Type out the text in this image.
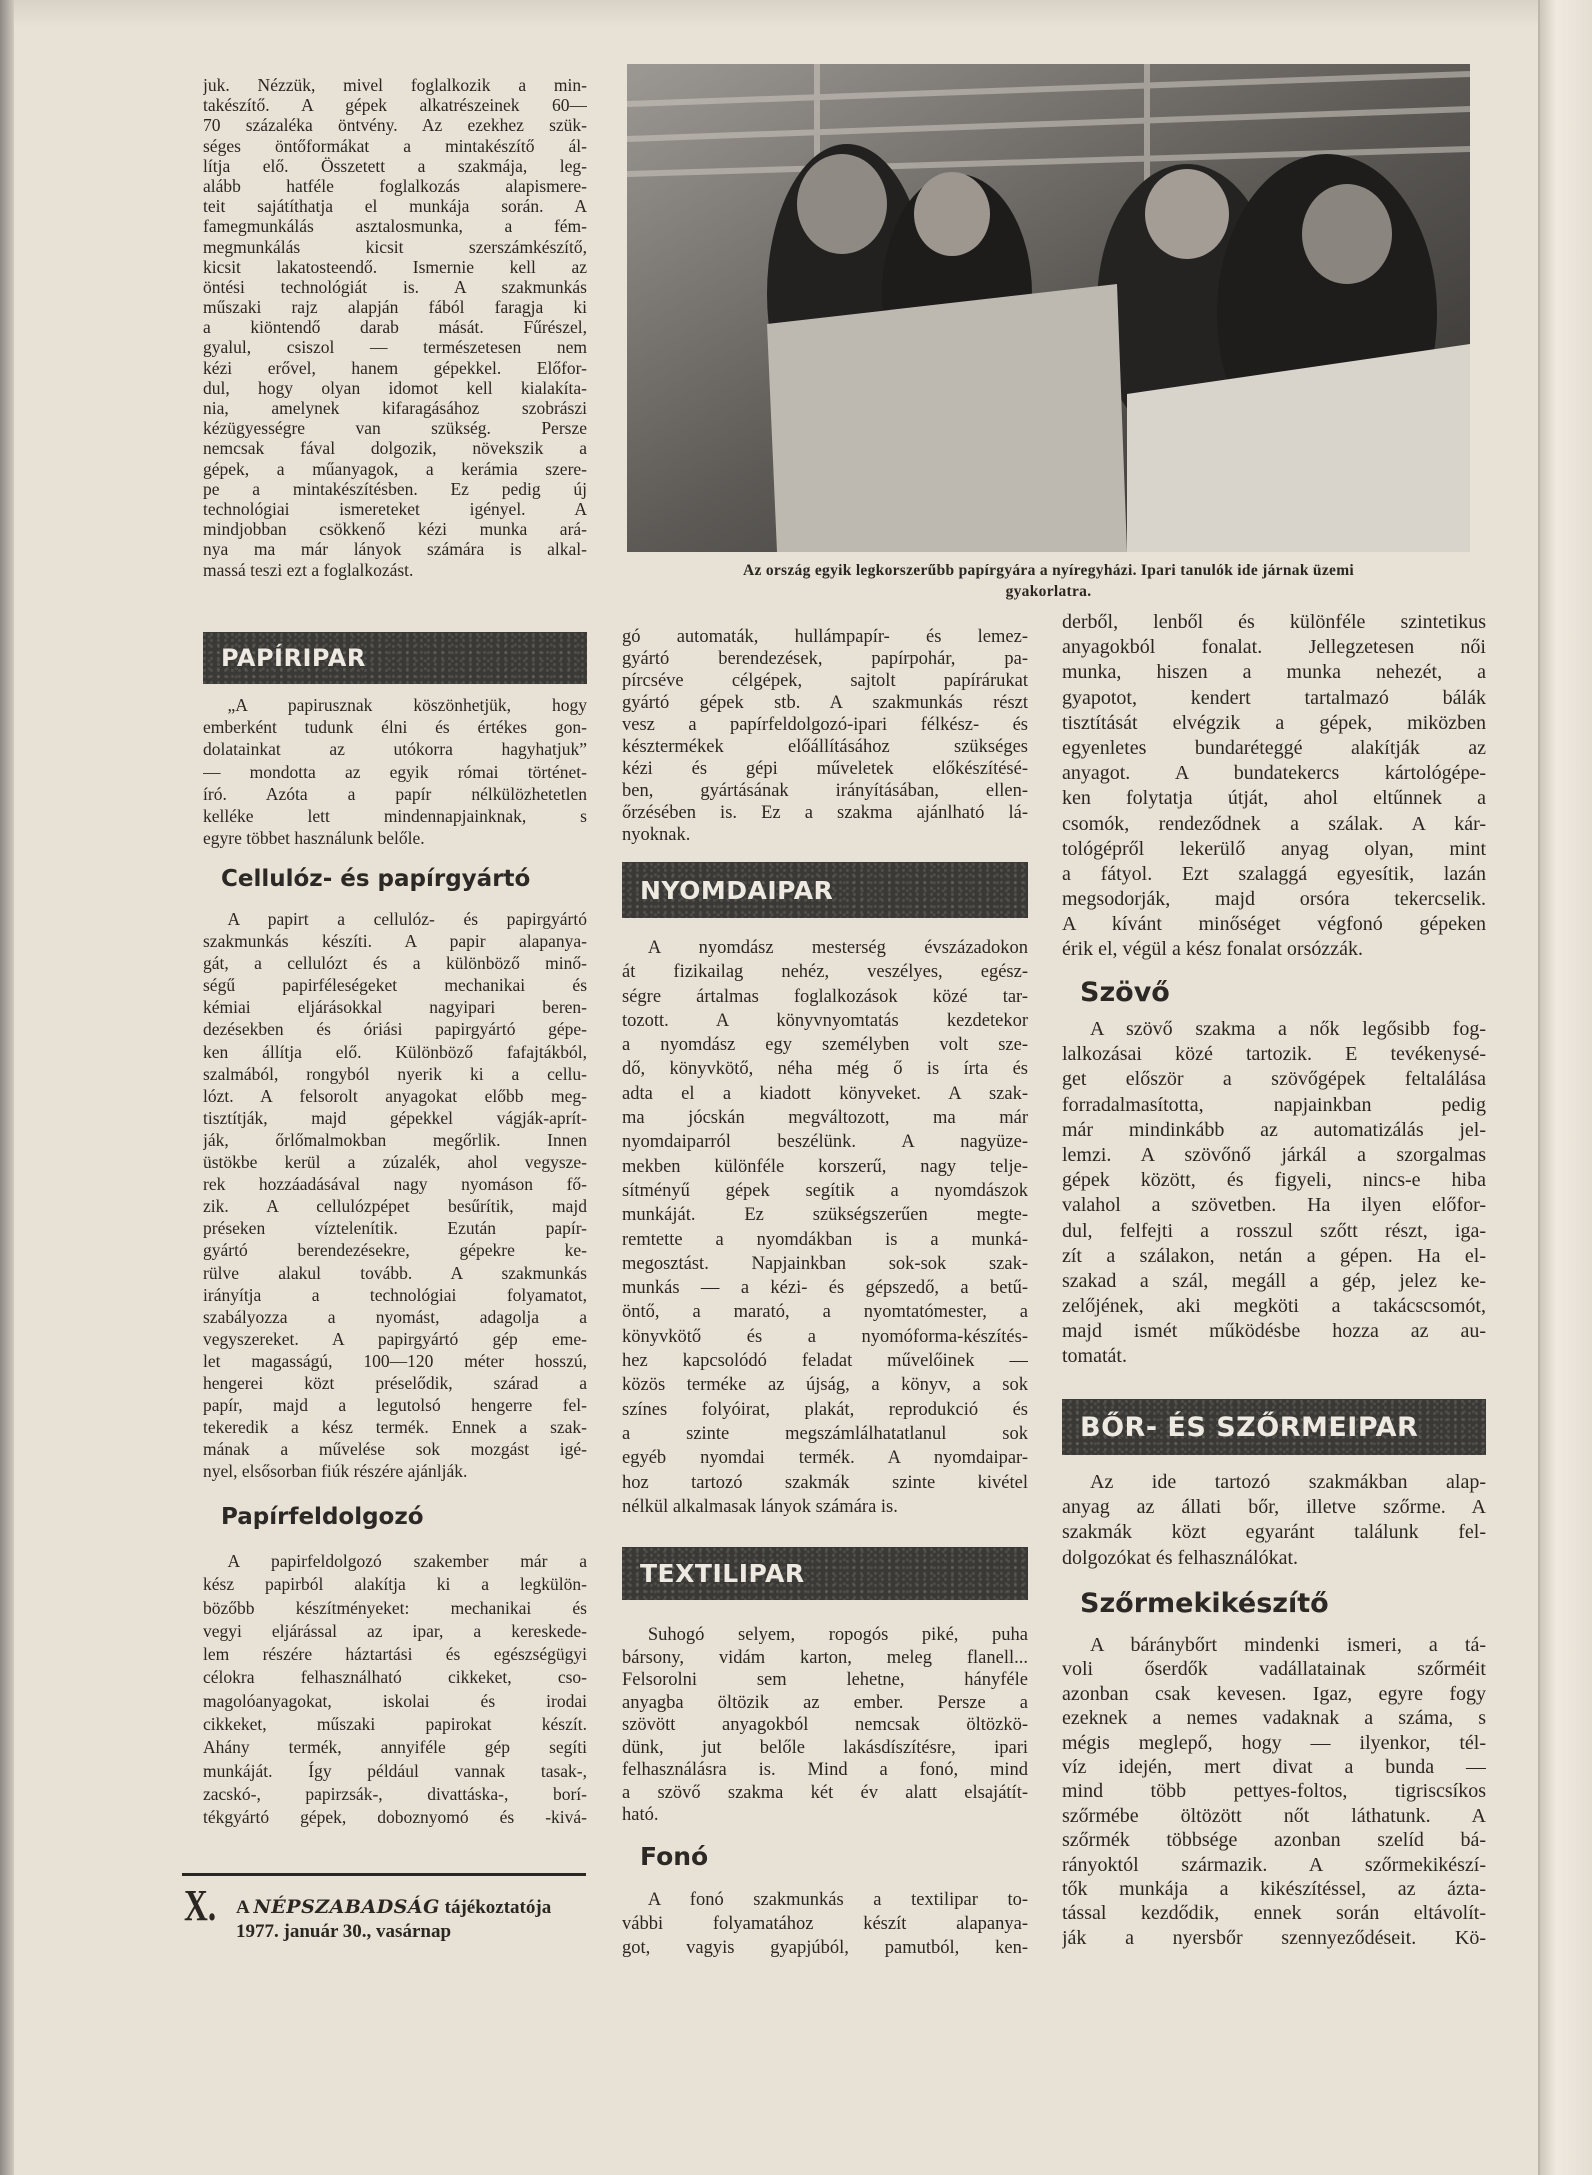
Az ország egyik legkorszerűbb papírgyára a nyíregyházi. Ipari tanulók ide járnak üzemi
gyakorlatra.
juk. Nézzük, mivel foglalkozik a min-
takészítő. A gépek alkatrészeinek 60—
70 százaléka öntvény. Az ezekhez szük-
séges öntőformákat a mintakészítő ál-
lítja elő. Összetett a szakmája, leg-
alább hatféle foglalkozás alapismere-
teit sajátíthatja el munkája során. A
famegmunkálás asztalosmunka, a fém-
megmunkálás kicsit szerszámkészítő,
kicsit lakatosteendő. Ismernie kell az
öntési technológiát is. A szakmunkás
műszaki rajz alapján fából faragja ki
a kiöntendő darab mását. Fűrészel,
gyalul, csiszol — természetesen nem
kézi erővel, hanem gépekkel. Előfor-
dul, hogy olyan idomot kell kialakíta-
nia, amelynek kifaragásához szobrászi
kézügyességre van szükség. Persze
nemcsak fával dolgozik, növekszik a
gépek, a műanyagok, a kerámia szere-
pe a mintakészítésben. Ez pedig új
technológiai ismereteket igényel. A
mindjobban csökkenő kézi munka ará-
nya ma már lányok számára is alkal-
massá teszi ezt a foglalkozást.
PAPÍRIPAR
„A papirusznak köszönhetjük, hogy
emberként tudunk élni és értékes gon-
dolatainkat az utókorra hagyhatjuk”
— mondotta az egyik római történet-
író. Azóta a papír nélkülözhetetlen
kelléke lett mindennapjainknak, s
egyre többet használunk belőle.
Cellulóz- és papírgyártó
A papirt a cellulóz- és papirgyártó
szakmunkás készíti. A papir alapanya-
gát, a cellulózt és a különböző minő-
ségű papirféleségeket mechanikai és
kémiai eljárásokkal nagyipari beren-
dezésekben és óriási papirgyártó gépe-
ken állítja elő. Különböző fafajtákból,
szalmából, rongyból nyerik ki a cellu-
lózt. A felsorolt anyagokat előbb meg-
tisztítják, majd gépekkel vágják-aprít-
ják, őrlőmalmokban megőrlik. Innen
üstökbe kerül a zúzalék, ahol vegysze-
rek hozzáadásával nagy nyomáson fő-
zik. A cellulózpépet besűrítik, majd
préseken víztelenítik. Ezután papír-
gyártó berendezésekre, gépekre ke-
rülve alakul tovább. A szakmunkás
irányítja a technológiai folyamatot,
szabályozza a nyomást, adagolja a
vegyszereket. A papirgyártó gép eme-
let magasságú, 100—120 méter hosszú,
hengerei közt préselődik, szárad a
papír, majd a legutolsó hengerre fel-
tekeredik a kész termék. Ennek a szak-
mának a művelése sok mozgást igé-
nyel, elsősorban fiúk részére ajánlják.
Papírfeldolgozó
A papirfeldolgozó szakember már a
kész papirból alakítja ki a legkülön-
bözőbb készítményeket: mechanikai és
vegyi eljárással az ipar, a kereskede-
lem részére háztartási és egészségügyi
célokra felhasználható cikkeket, cso-
magolóanyagokat, iskolai és irodai
cikkeket, műszaki papirokat készít.
Ahány termék, annyiféle gép segíti
munkáját. Így például vannak tasak-,
zacskó-, papirzsák-, divattáska-, borí-
tékgyártó gépek, doboznyomó és -kivá-
gó automaták, hullámpapír- és lemez-
gyártó berendezések, papírpohár, pa-
pírcséve célgépek, sajtolt papírárukat
gyártó gépek stb. A szakmunkás részt
vesz a papírfeldolgozó-ipari félkész- és
késztermékek előállításához szükséges
kézi és gépi műveletek előkészítésé-
ben, gyártásának irányításában, ellen-
őrzésében is. Ez a szakma ajánlható lá-
nyoknak.
NYOMDAIPAR
A nyomdász mesterség évszázadokon
át fizikailag nehéz, veszélyes, egész-
ségre ártalmas foglalkozások közé tar-
tozott. A könyvnyomtatás kezdetekor
a nyomdász egy személyben volt sze-
dő, könyvkötő, néha még ő is írta és
adta el a kiadott könyveket. A szak-
ma jócskán megváltozott, ma már
nyomdaiparról beszélünk. A nagyüze-
mekben különféle korszerű, nagy telje-
sítményű gépek segítik a nyomdászok
munkáját. Ez szükségszerűen megte-
remtette a nyomdákban is a munká-
megosztást. Napjainkban sok-sok szak-
munkás — a kézi- és gépszedő, a betű-
öntő, a marató, a nyomtatómester, a
könyvkötő és a nyomóforma-készítés-
hez kapcsolódó feladat művelőinek —
közös terméke az újság, a könyv, a sok
színes folyóirat, plakát, reprodukció és
a szinte megszámlálhatatlanul sok
egyéb nyomdai termék. A nyomdaipar-
hoz tartozó szakmák szinte kivétel
nélkül alkalmasak lányok számára is.
TEXTILIPAR
Suhogó selyem, ropogós piké, puha
bársony, vidám karton, meleg flanell...
Felsorolni sem lehetne, hányféle
anyagba öltözik az ember. Persze a
szövött anyagokból nemcsak öltözkö-
dünk, jut belőle lakásdíszítésre, ipari
felhasználásra is. Mind a fonó, mind
a szövő szakma két év alatt elsajátít-
ható.
Fonó
A fonó szakmunkás a textilipar to-
vábbi folyamatához készít alapanya-
got, vagyis gyapjúból, pamutból, ken-
derből, lenből és különféle szintetikus
anyagokból fonalat. Jellegzetesen női
munka, hiszen a munka nehezét, a
gyapotot, kendert tartalmazó bálák
tisztítását elvégzik a gépek, miközben
egyenletes bundaréteggé alakítják az
anyagot. A bundatekercs kártológépe-
ken folytatja útját, ahol eltűnnek a
csomók, rendeződnek a szálak. A kár-
tológépről lekerülő anyag olyan, mint
a fátyol. Ezt szalaggá egyesítik, lazán
megsodorják, majd orsóra tekercselik.
A kívánt minőséget végfonó gépeken
érik el, végül a kész fonalat orsózzák.
Szövő
A szövő szakma a nők legősibb fog-
lalkozásai közé tartozik. E tevékenysé-
get először a szövőgépek feltalálása
forradalmasította, napjainkban pedig
már mindinkább az automatizálás jel-
lemzi. A szövőnő járkál a szorgalmas
gépek között, és figyeli, nincs-e hiba
valahol a szövetben. Ha ilyen előfor-
dul, felfejti a rosszul szőtt részt, iga-
zít a szálakon, netán a gépen. Ha el-
szakad a szál, megáll a gép, jelez ke-
zelőjének, aki megköti a takácscsomót,
majd ismét működésbe hozza az au-
tomatát.
BŐR- ÉS SZŐRMEIPAR
Az ide tartozó szakmákban alap-
anyag az állati bőr, illetve szőrme. A
szakmák közt egyaránt találunk fel-
dolgozókat és felhasználókat.
Szőrmekikészítő
A báránybőrt mindenki ismeri, a tá-
voli őserdők vadállatainak szőrméit
azonban csak kevesen. Igaz, egyre fogy
ezeknek a nemes vadaknak a száma, s
mégis meglepő, hogy — ilyenkor, tél-
víz idején, mert divat a bunda —
mind több pettyes-foltos, tigriscsíkos
szőrmébe öltözött nőt láthatunk. A
szőrmék többsége azonban szelíd bá-
rányoktól származik. A szőrmekikészí-
tők munkája a kikészítéssel, az ázta-
tással kezdődik, ennek során eltávolít-
ják a nyersbőr szennyeződéseit. Kö-
X. A NÉPSZABADSÁG tájékoztatója
1977. január 30., vasárnap
